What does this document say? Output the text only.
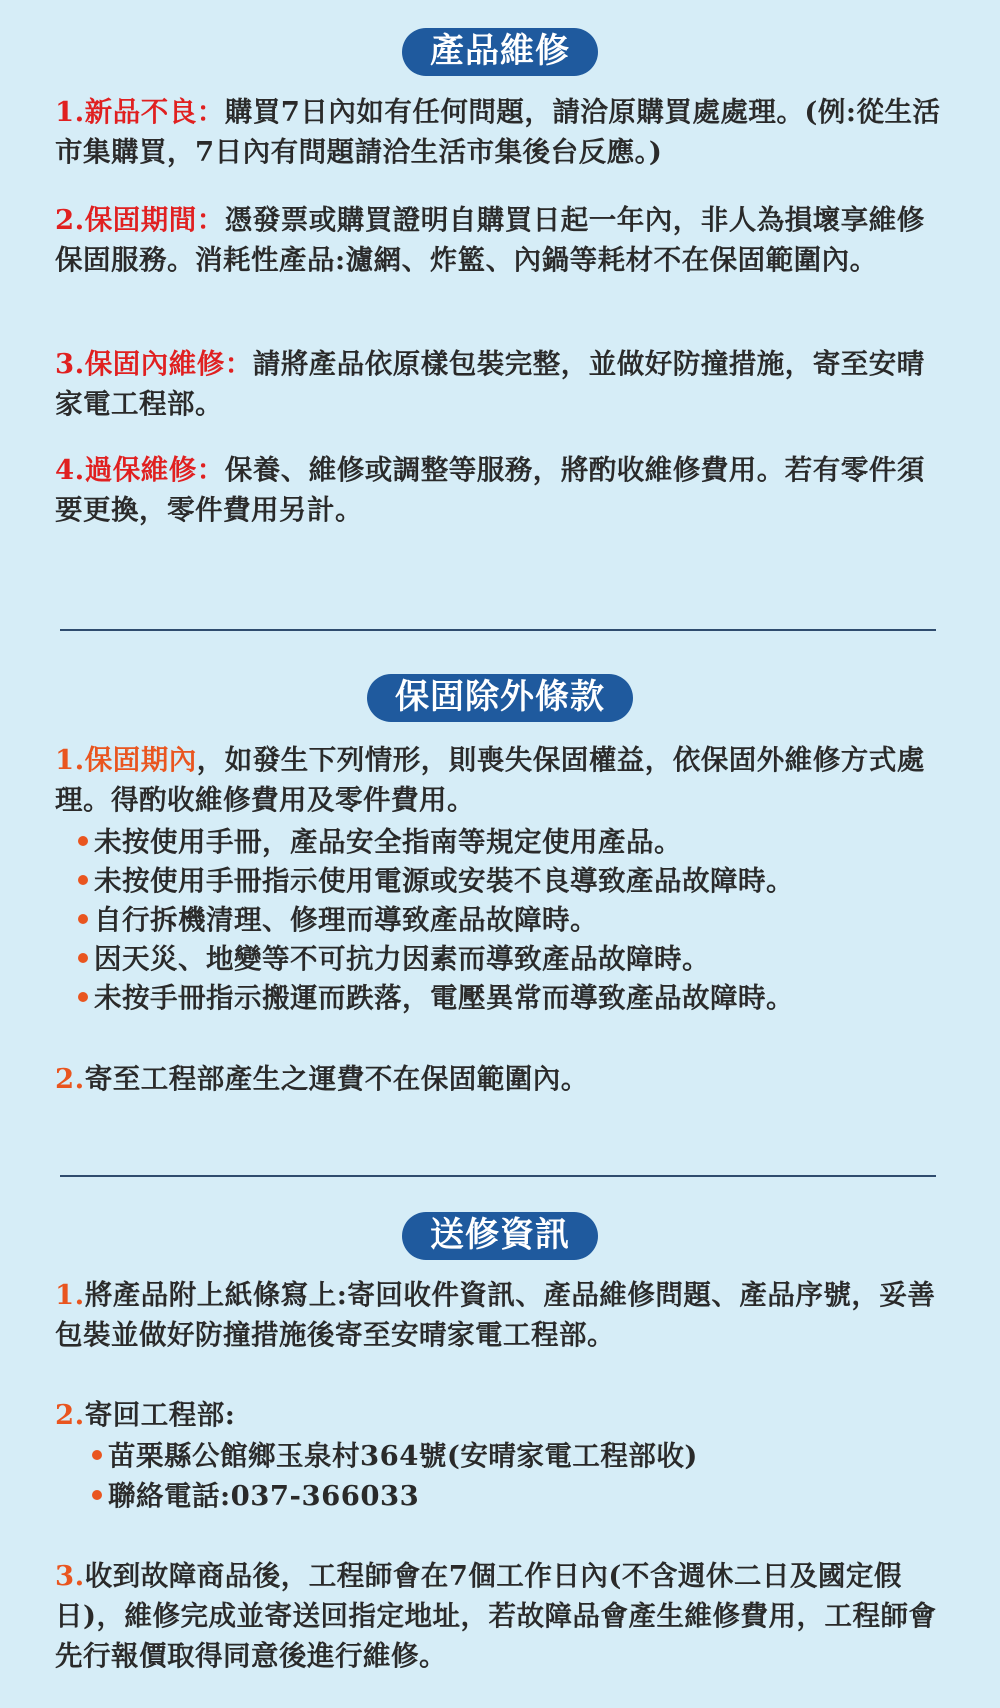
產品維修
1.新品不良：購買7日內如有任何問題，請洽原購買處處理。(例:從生活市集購買，7日內有問題請洽生活市集後台反應。)
2.保固期間：憑發票或購買證明自購買日起一年內，非人為損壞享維修保固服務。消耗性產品:濾網、炸籃、內鍋等耗材不在保固範圍內。
3.保固內維修：請將產品依原樣包裝完整，並做好防撞措施，寄至安晴家電工程部。
4.過保維修：保養、維修或調整等服務，將酌收維修費用。若有零件須要更換，零件費用另計。
保固除外條款
1.保固期內，如發生下列情形，則喪失保固權益，依保固外維修方式處理。得酌收維修費用及零件費用。
未按使用手冊，產品安全指南等規定使用產品。
未按使用手冊指示使用電源或安裝不良導致產品故障時。
自行拆機清理、修理而導致產品故障時。
因天災、地變等不可抗力因素而導致產品故障時。
未按手冊指示搬運而跌落，電壓異常而導致產品故障時。
2.寄至工程部產生之運費不在保固範圍內。
送修資訊
1.將產品附上紙條寫上:寄回收件資訊、產品維修問題、產品序號，妥善包裝並做好防撞措施後寄至安晴家電工程部。
2.寄回工程部:
苗栗縣公館鄉玉泉村364號(安晴家電工程部收)
聯絡電話:037-366033
3.收到故障商品後，工程師會在7個工作日內(不含週休二日及國定假日)，維修完成並寄送回指定地址，若故障品會產生維修費用，工程師會先行報價取得同意後進行維修。
